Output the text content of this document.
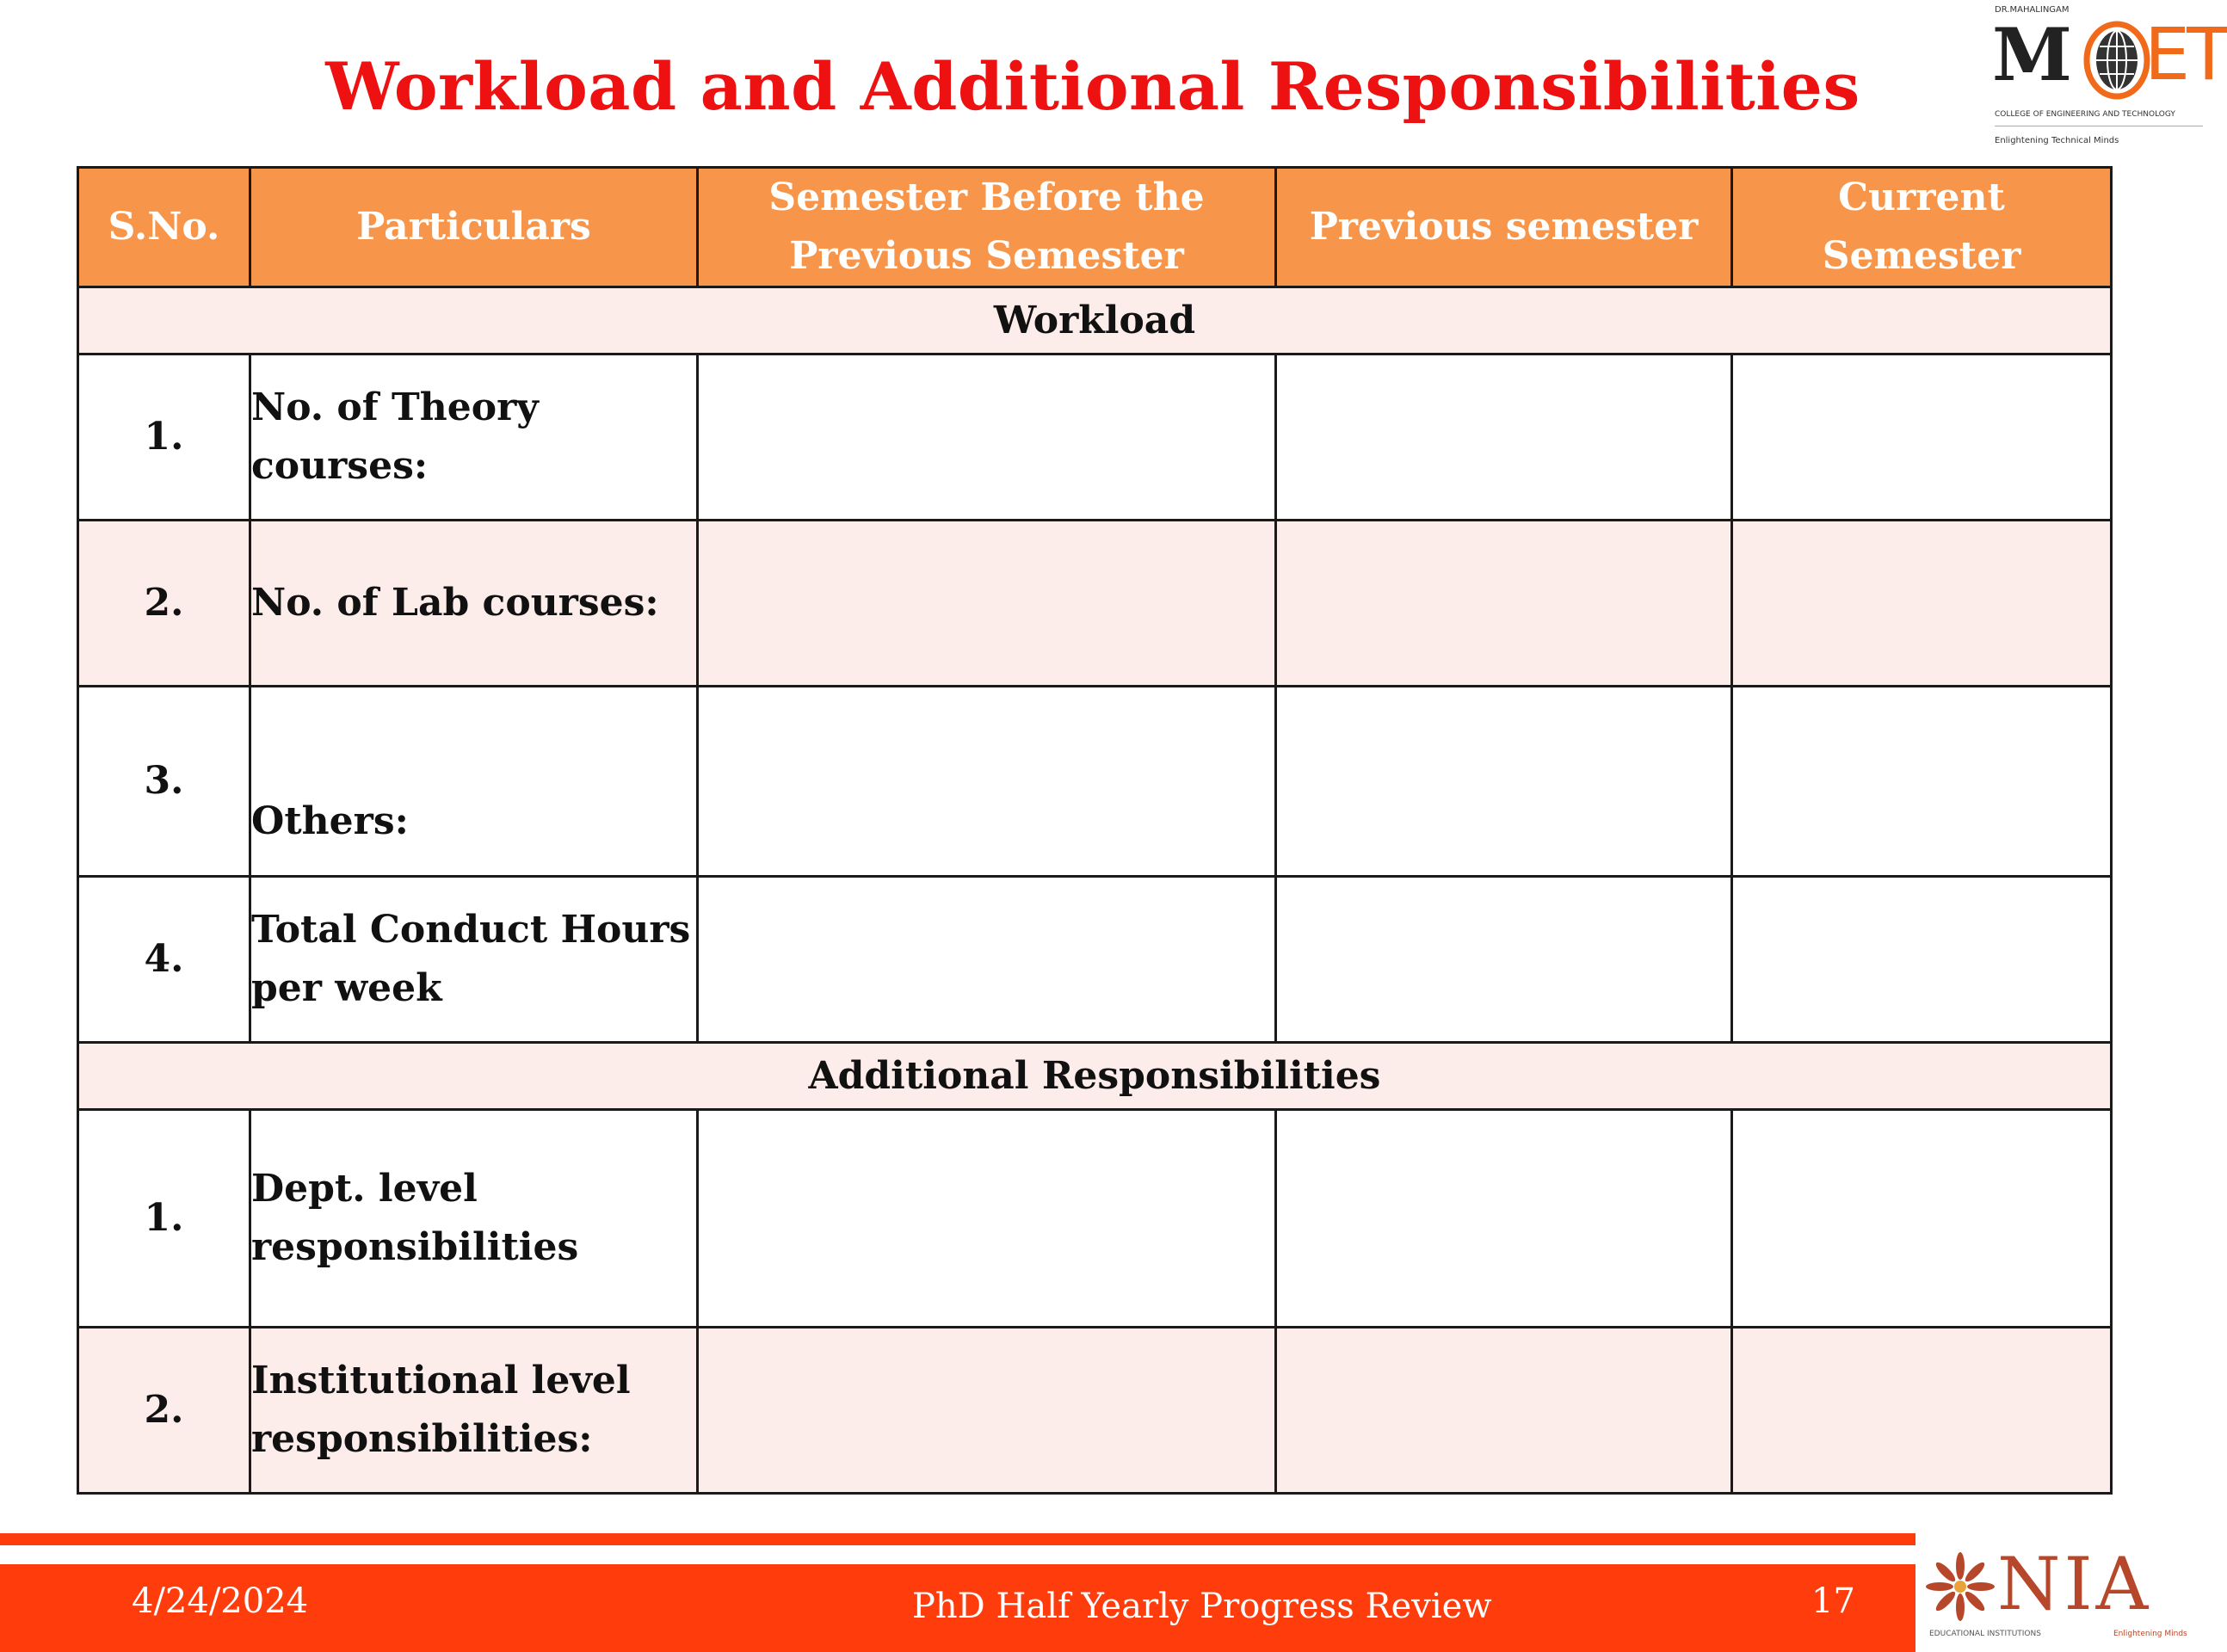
Workload and Additional Responsibilities
DR.MAHALINGAM
M ET
COLLEGE OF ENGINEERING AND TECHNOLOGY
Enlightening Technical Minds
S.No.	Particulars	Semester Before the Previous Semester	Previous semester	Current Semester
Workload				
1.	No. of Theory courses:			
2.	No. of Lab courses:			
3.	Others:			
4.	Total Conduct Hours per week			
Additional Responsibilities				
1.	Dept. level responsibilities			
2.	Institutional level responsibilities:			
4/24/2024	PhD Half Yearly Progress Review	17 NIA
EDUCATIONAL INSTITUTIONS	Enlightening Minds
